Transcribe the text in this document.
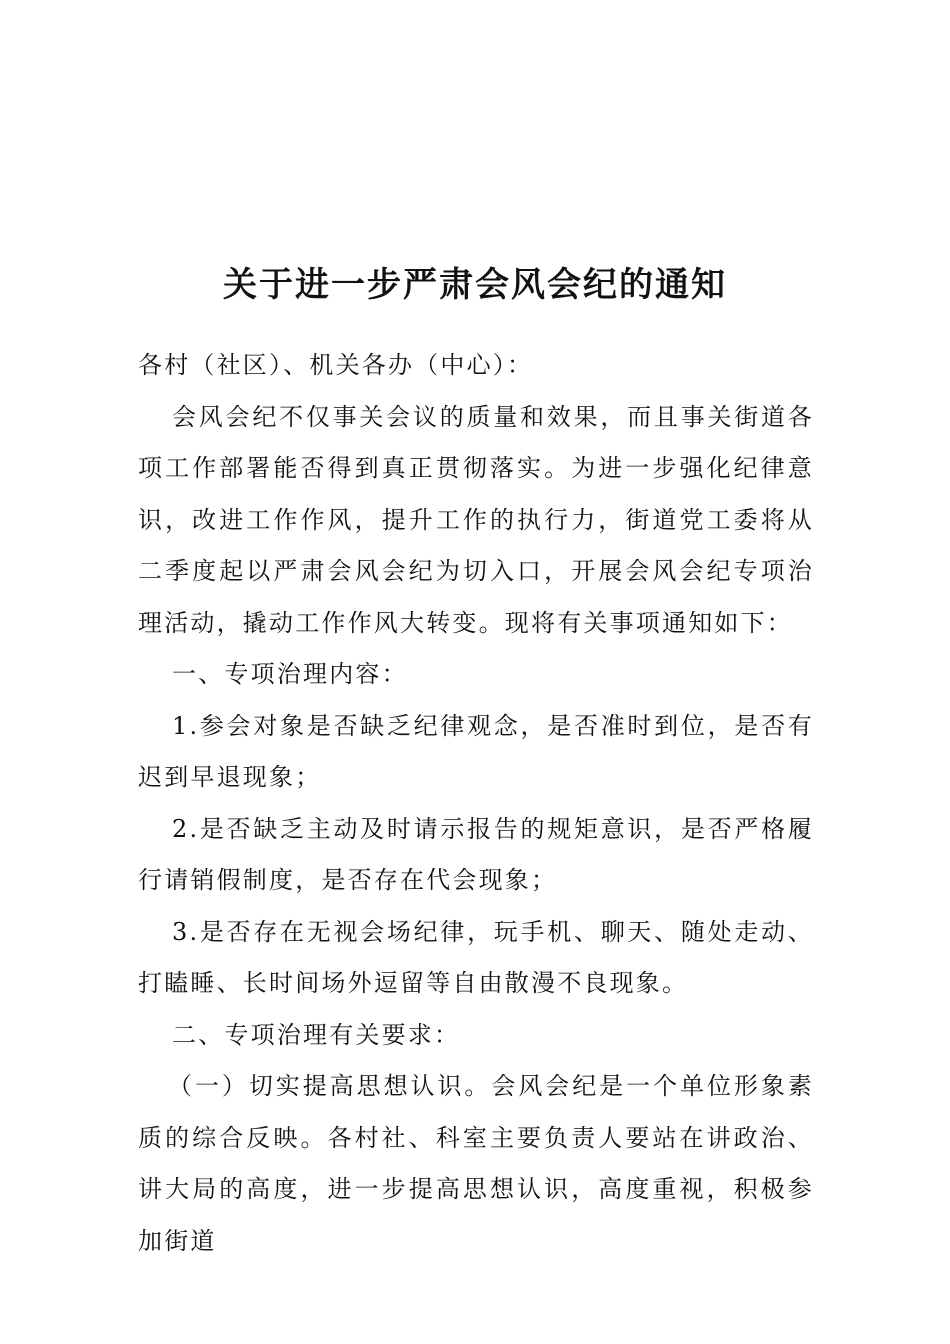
关于进一步严肃会风会纪的通知

各村（社区）、机关各办（中心）：

会风会纪不仅事关会议的质量和效果，而且事关街道各项工作部署能否得到真正贯彻落实。为进一步强化纪律意识，改进工作作风，提升工作的执行力，街道党工委将从二季度起以严肃会风会纪为切入口，开展会风会纪专项治理活动，撬动工作作风大转变。现将有关事项通知如下：

一、专项治理内容：

1.参会对象是否缺乏纪律观念，是否准时到位，是否有迟到早退现象；

2.是否缺乏主动及时请示报告的规矩意识，是否严格履行请销假制度，是否存在代会现象；

3.是否存在无视会场纪律，玩手机、聊天、随处走动、打瞌睡、长时间场外逗留等自由散漫不良现象。

二、专项治理有关要求：

（一）切实提高思想认识。会风会纪是一个单位形象素质的综合反映。各村社、科室主要负责人要站在讲政治、讲大局的高度，进一步提高思想认识，高度重视，积极参加街道
